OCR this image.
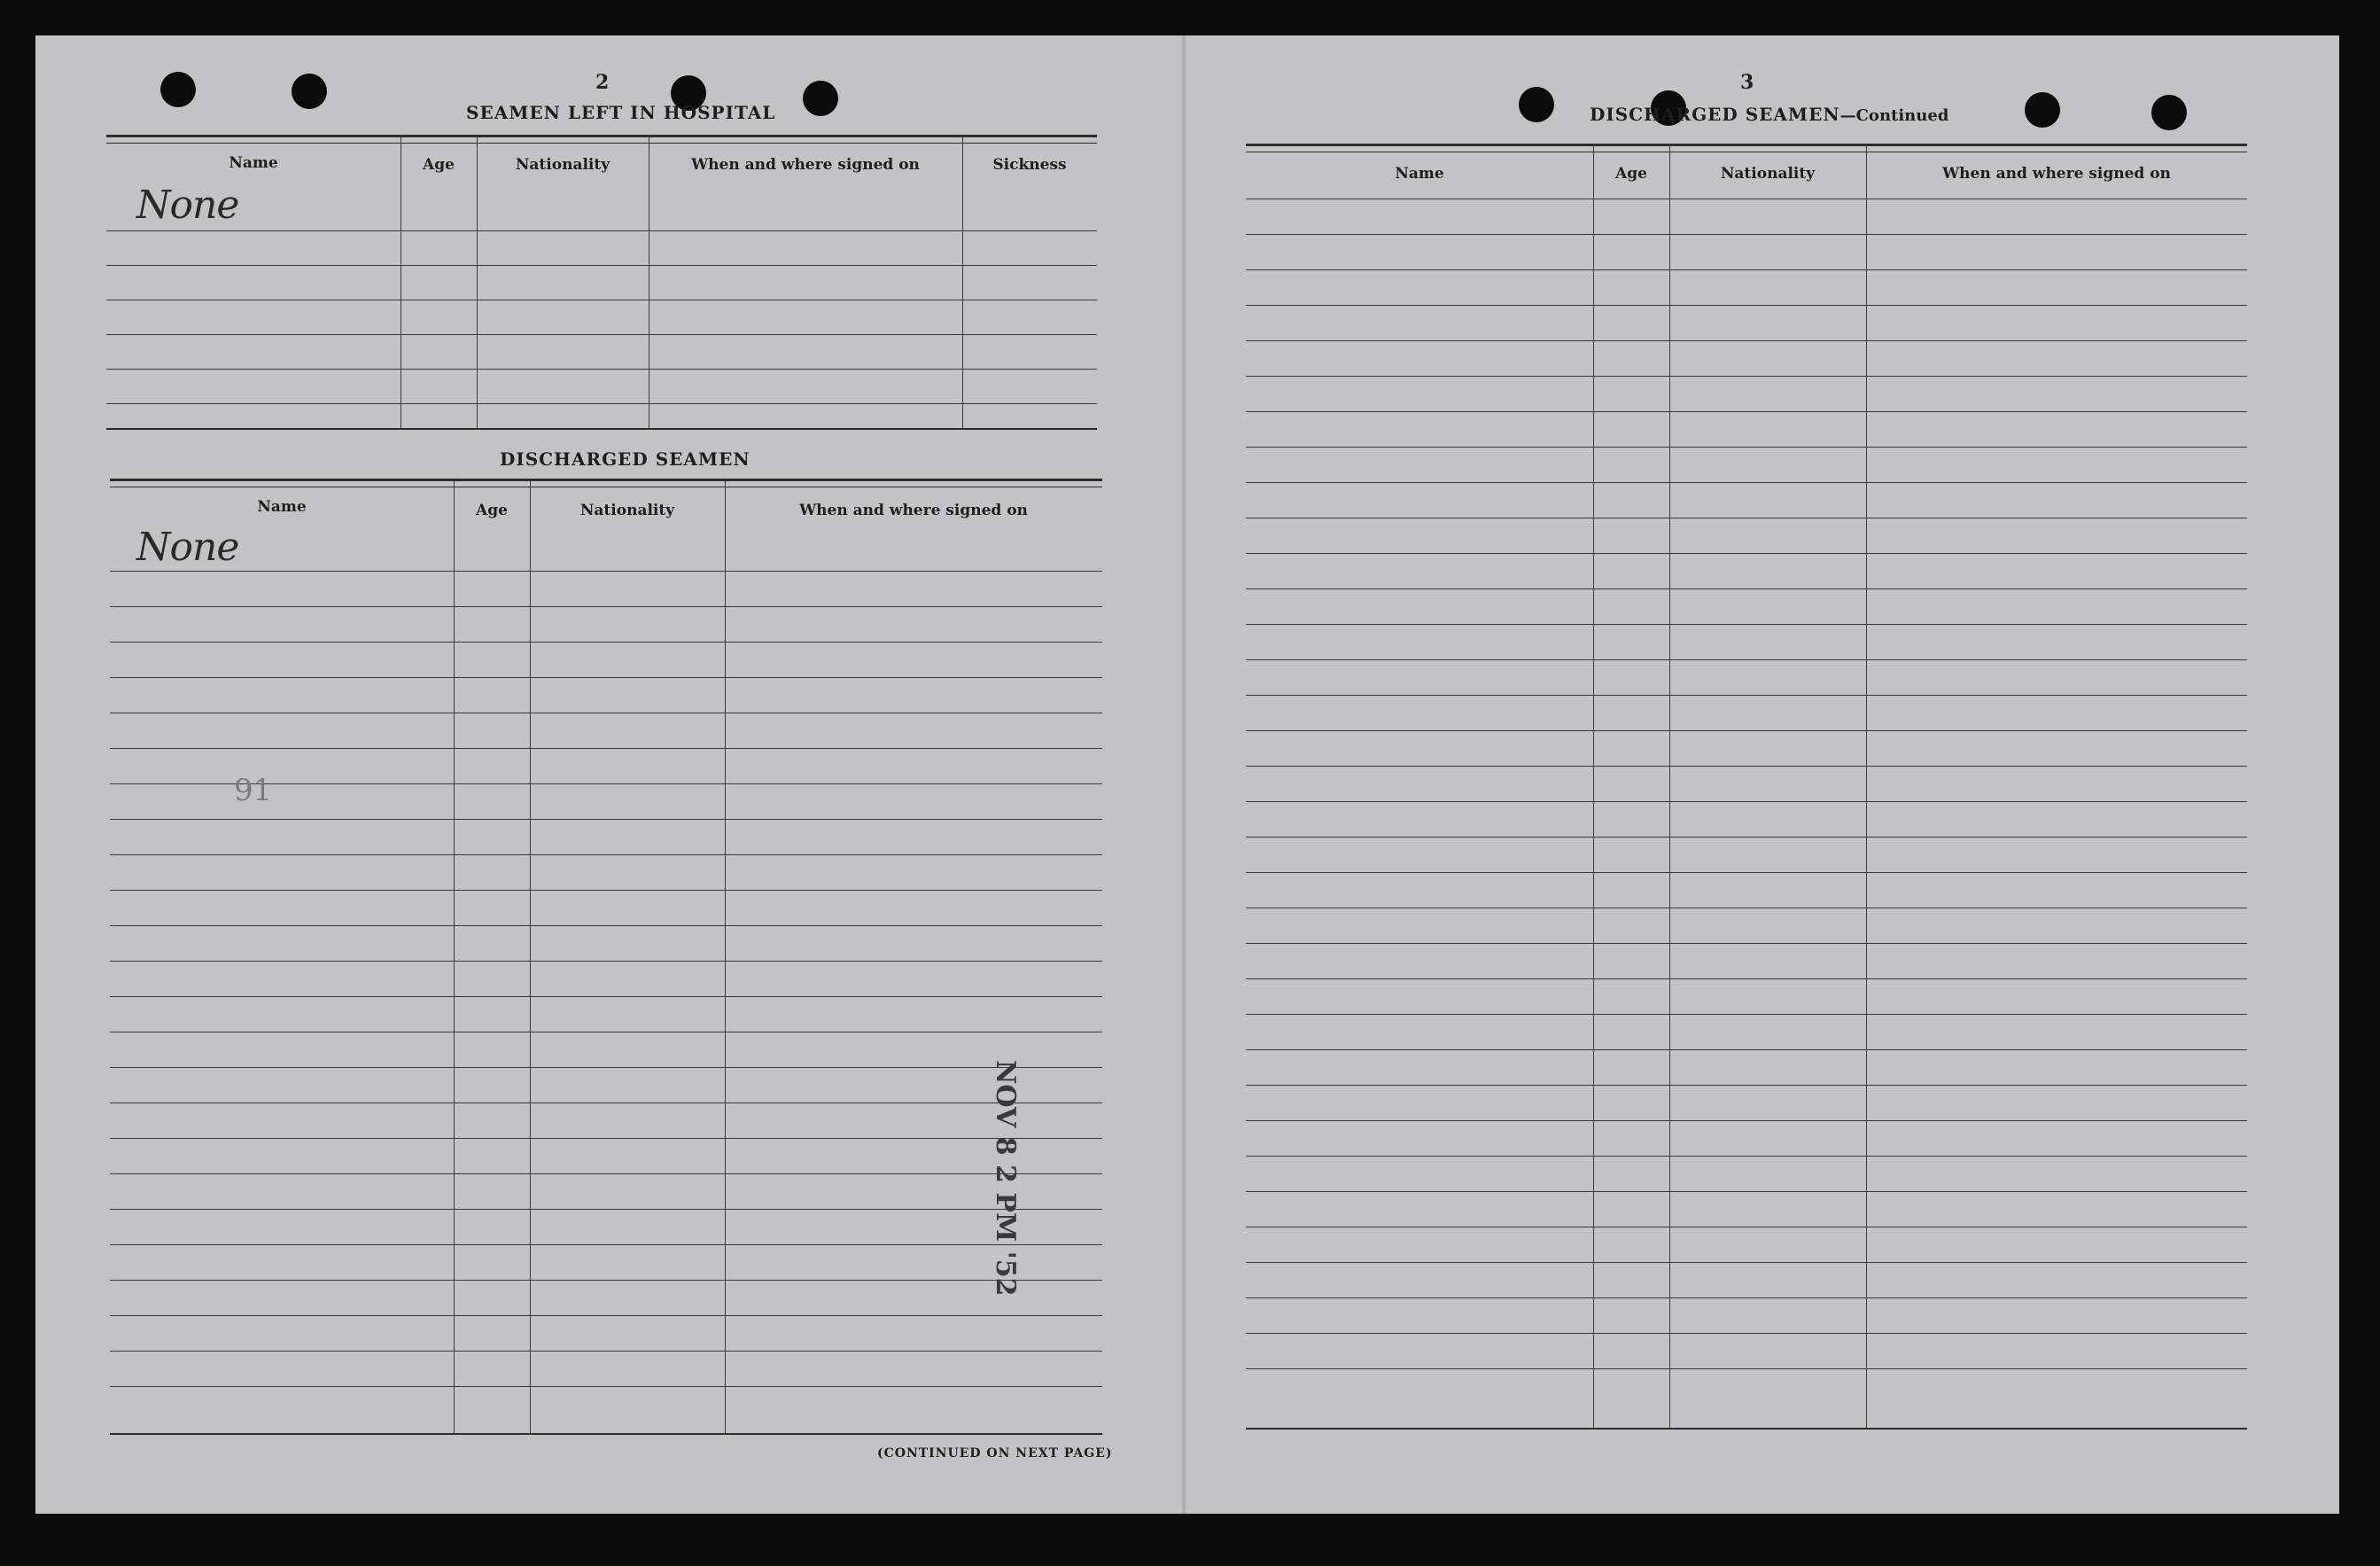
2
SEAMEN LEFT IN HOSPITAL
Name	Age	Nationality	When and where signed on	Sickness
None
DISCHARGED SEAMEN
Name	Age	Nationality	When and where signed on
None
91
NOV 8 2 PM '52
(CONTINUED ON NEXT PAGE)
3
DISCHARGED SEAMEN—Continued
Name	Age	Nationality	When and where signed on
